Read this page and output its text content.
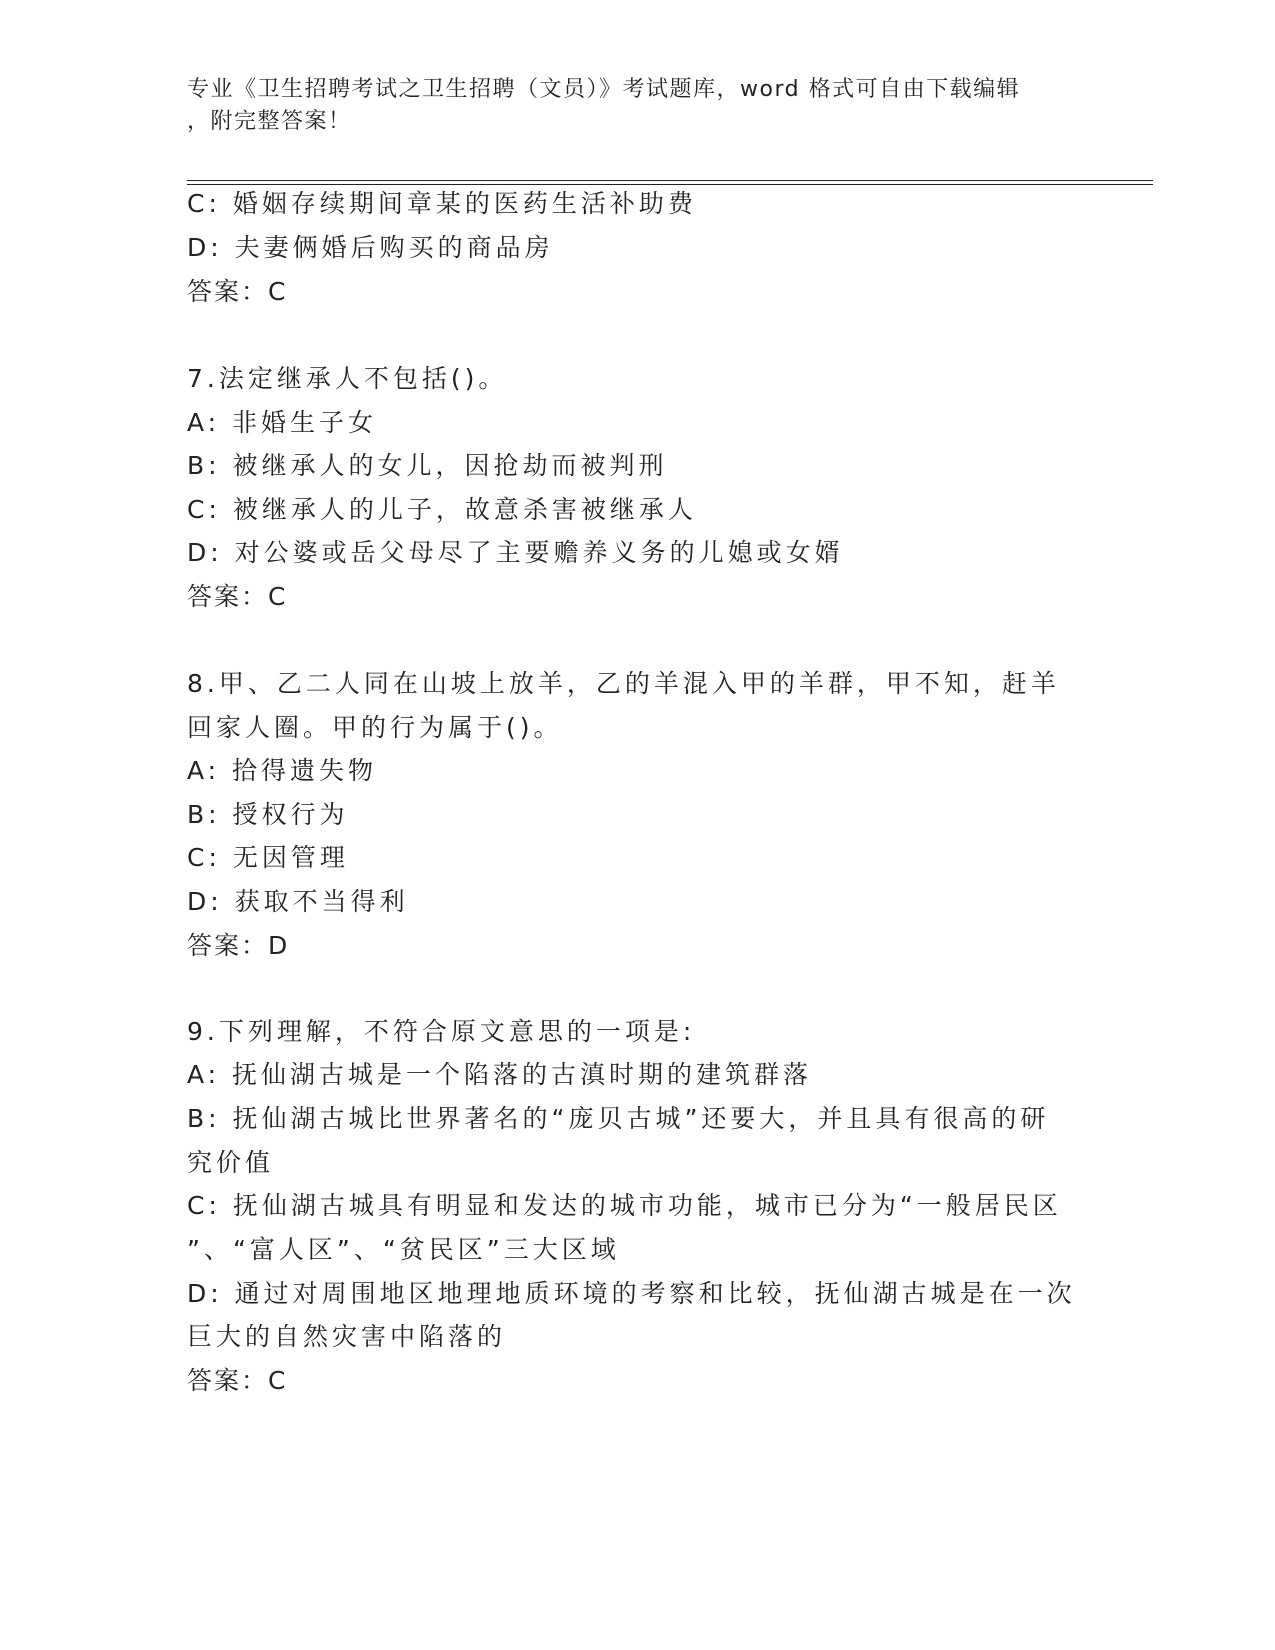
专业《卫生招聘考试之卫生招聘（文员）》考试题库，word 格式可自由下载编辑
，附完整答案！
C: 婚姻存续期间章某的医药生活补助费
D: 夫妻俩婚后购买的商品房
答案：C
7.法定继承人不包括()。
A: 非婚生子女
B: 被继承人的女儿，因抢劫而被判刑
C: 被继承人的儿子，故意杀害被继承人
D: 对公婆或岳父母尽了主要赡养义务的儿媳或女婿
答案：C
8.甲、乙二人同在山坡上放羊，乙的羊混入甲的羊群，甲不知，赶羊
回家人圈。甲的行为属于()。
A: 拾得遗失物
B: 授权行为
C: 无因管理
D: 获取不当得利
答案：D
9.下列理解，不符合原文意思的一项是:
A: 抚仙湖古城是一个陷落的古滇时期的建筑群落
B: 抚仙湖古城比世界著名的“庞贝古城”还要大，并且具有很高的研
究价值
C: 抚仙湖古城具有明显和发达的城市功能，城市已分为“一般居民区
”、“富人区”、“贫民区”三大区域
D: 通过对周围地区地理地质环境的考察和比较，抚仙湖古城是在一次
巨大的自然灾害中陷落的
答案：C
